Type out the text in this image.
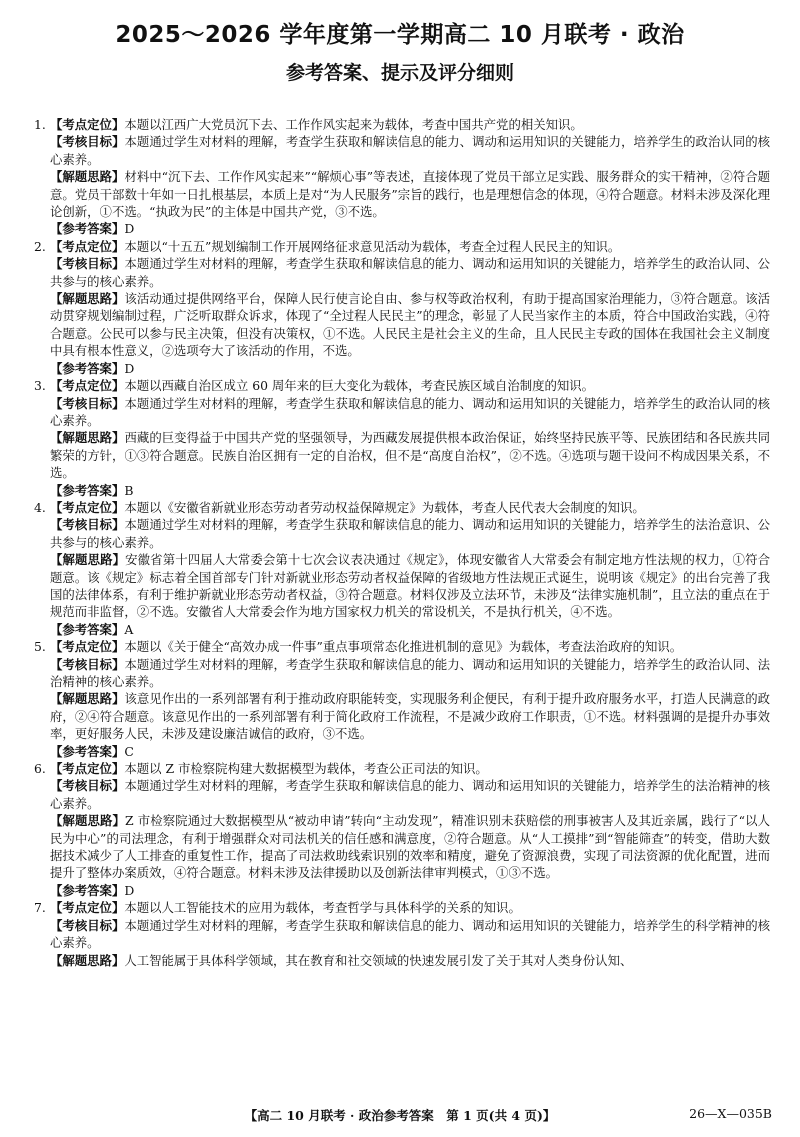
2025～2026 学年度第一学期高二 10 月联考 · 政治
参考答案、提示及评分细则
1. 【考点定位】本题以江西广大党员沉下去、工作作风实起来为载体，考查中国共产党的相关知识。
【考核目标】本题通过学生对材料的理解，考查学生获取和解读信息的能力、调动和运用知识的关键能力，培养学生的政治认同的核心素养。
【解题思路】材料中“沉下去、工作作风实起来”“解烦心事”等表述，直接体现了党员干部立足实践、服务群众的实干精神，②符合题意。党员干部数十年如一日扎根基层，本质上是对“为人民服务”宗旨的践行，也是理想信念的体现，④符合题意。材料未涉及深化理论创新，①不选。“执政为民”的主体是中国共产党，③不选。
【参考答案】D
2. 【考点定位】本题以“十五五”规划编制工作开展网络征求意见活动为载体，考查全过程人民民主的知识。
【考核目标】本题通过学生对材料的理解，考查学生获取和解读信息的能力、调动和运用知识的关键能力，培养学生的政治认同、公共参与的核心素养。
【解题思路】该活动通过提供网络平台，保障人民行使言论自由、参与权等政治权利，有助于提高国家治理能力，③符合题意。该活动贯穿规划编制过程，广泛听取群众诉求，体现了“全过程人民民主”的理念，彰显了人民当家作主的本质，符合中国政治实践，④符合题意。公民可以参与民主决策，但没有决策权，①不选。人民民主是社会主义的生命，且人民民主专政的国体在我国社会主义制度中具有根本性意义，②选项夸大了该活动的作用，不选。
【参考答案】D
3. 【考点定位】本题以西藏自治区成立 60 周年来的巨大变化为载体，考查民族区域自治制度的知识。
【考核目标】本题通过学生对材料的理解，考查学生获取和解读信息的能力、调动和运用知识的关键能力，培养学生的政治认同的核心素养。
【解题思路】西藏的巨变得益于中国共产党的坚强领导，为西藏发展提供根本政治保证，始终坚持民族平等、民族团结和各民族共同繁荣的方针，①③符合题意。民族自治区拥有一定的自治权，但不是“高度自治权”，②不选。④选项与题干设问不构成因果关系，不选。
【参考答案】B
4. 【考点定位】本题以《安徽省新就业形态劳动者劳动权益保障规定》为载体，考查人民代表大会制度的知识。
【考核目标】本题通过学生对材料的理解，考查学生获取和解读信息的能力、调动和运用知识的关键能力，培养学生的法治意识、公共参与的核心素养。
【解题思路】安徽省第十四届人大常委会第十七次会议表决通过《规定》，体现安徽省人大常委会有制定地方性法规的权力，①符合题意。该《规定》标志着全国首部专门针对新就业形态劳动者权益保障的省级地方性法规正式诞生，说明该《规定》的出台完善了我国的法律体系，有利于维护新就业形态劳动者权益，③符合题意。材料仅涉及立法环节，未涉及“法律实施机制”，且立法的重点在于规范而非监督，②不选。安徽省人大常委会作为地方国家权力机关的常设机关，不是执行机关，④不选。
【参考答案】A
5. 【考点定位】本题以《关于健全“高效办成一件事”重点事项常态化推进机制的意见》为载体，考查法治政府的知识。
【考核目标】本题通过学生对材料的理解，考查学生获取和解读信息的能力、调动和运用知识的关键能力，培养学生的政治认同、法治精神的核心素养。
【解题思路】该意见作出的一系列部署有利于推动政府职能转变，实现服务利企便民，有利于提升政府服务水平，打造人民满意的政府，②④符合题意。该意见作出的一系列部署有利于简化政府工作流程，不是减少政府工作职责，①不选。材料强调的是提升办事效率，更好服务人民，未涉及建设廉洁诚信的政府，③不选。
【参考答案】C
6. 【考点定位】本题以 Z 市检察院构建大数据模型为载体，考查公正司法的知识。
【考核目标】本题通过学生对材料的理解，考查学生获取和解读信息的能力、调动和运用知识的关键能力，培养学生的法治精神的核心素养。
【解题思路】Z 市检察院通过大数据模型从“被动申请”转向“主动发现”，精准识别未获赔偿的刑事被害人及其近亲属，践行了“以人民为中心”的司法理念，有利于增强群众对司法机关的信任感和满意度，②符合题意。从“人工摸排”到“智能筛查”的转变，借助大数据技术减少了人工排查的重复性工作，提高了司法救助线索识别的效率和精度，避免了资源浪费，实现了司法资源的优化配置，进而提升了整体办案质效，④符合题意。材料未涉及法律援助以及创新法律审判模式，①③不选。
【参考答案】D
7. 【考点定位】本题以人工智能技术的应用为载体，考查哲学与具体科学的关系的知识。
【考核目标】本题通过学生对材料的理解，考查学生获取和解读信息的能力、调动和运用知识的关键能力，培养学生的科学精神的核心素养。
【解题思路】人工智能属于具体科学领域，其在教育和社交领域的快速发展引发了关于其对人类身份认知、
【高二 10 月联考 · 政治参考答案　第 1 页(共 4 页)】	26—X—035B
